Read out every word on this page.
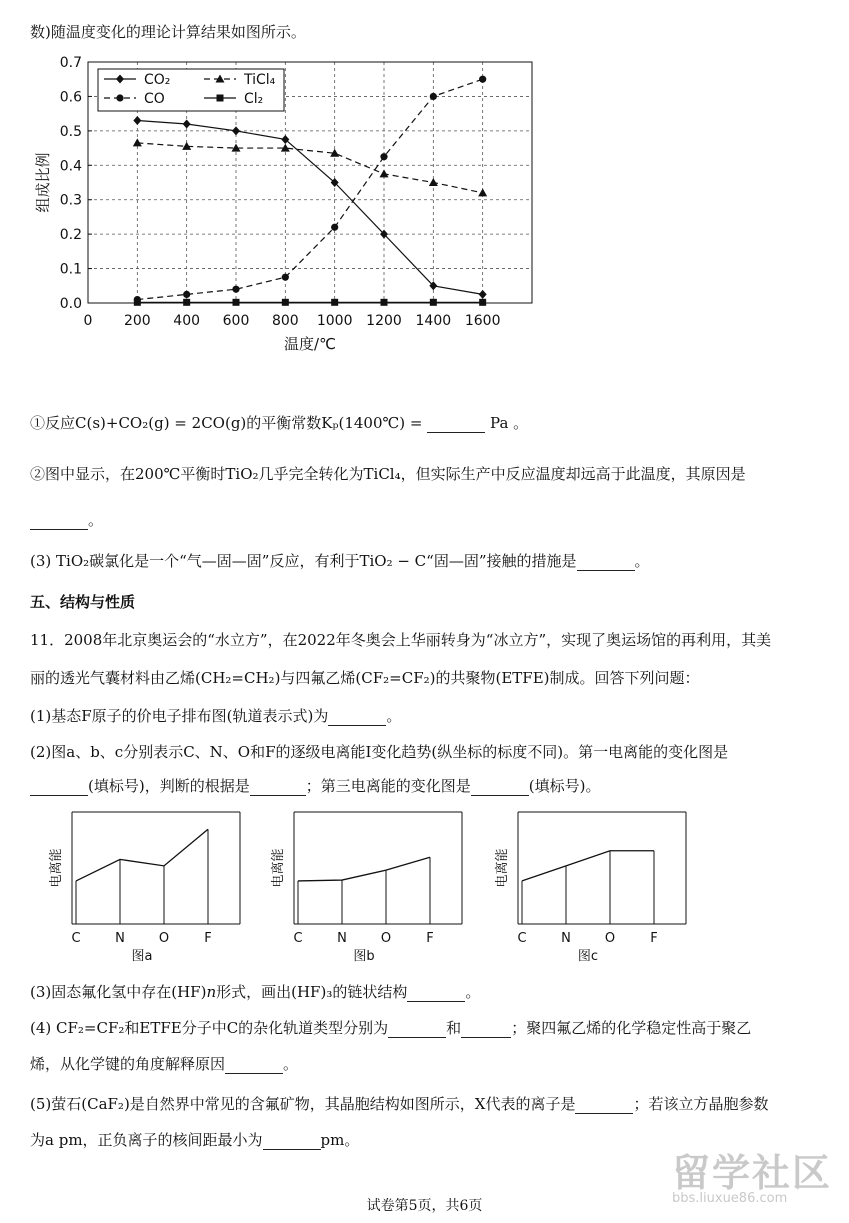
数)随温度变化的理论计算结果如图所示。
0 200 400 600 800 1000 1200 1400 1600
0.0
0.1
0.2
0.3
0.4
0.5
0.6
0.7
组成比例
温度/℃
CO₂	TiCl₄
CO	Cl₂
①反应C(s)+CO₂(g) = 2CO(g)的平衡常数Kₚ(1400℃) =	Pa 。
②图中显示，在200℃平衡时TiO₂几乎完全转化为TiCl₄，但实际生产中反应温度却远高于此温度，其原因是
。
(3) TiO₂碳氯化是一个“气—固—固”反应，有利于TiO₂ − C“固—固”接触的措施是	。
五、结构与性质
11．2008年北京奥运会的“水立方”，在2022年冬奥会上华丽转身为“冰立方”，实现了奥运场馆的再利用，其美
丽的透光气囊材料由乙烯(CH₂=CH₂)与四氟乙烯(CF₂=CF₂)的共聚物(ETFE)制成。回答下列问题：
(1)基态F原子的价电子排布图(轨道表示式)为	。
(2)图a、b、c分别表示C、N、O和F的逐级电离能I变化趋势(纵坐标的标度不同)。第一电离能的变化图是
(填标号)，判断的根据是	；第三电离能的变化图是	(填标号)。
C	N	O	F
电离能
图a
C	N	O	F
电离能
图b
C	N	O	F
电离能
图c
(3)固态氟化氢中存在(HF)n形式，画出(HF)₃的链状结构	。
(4) CF₂=CF₂和ETFE分子中C的杂化轨道类型分别为	和	；聚四氟乙烯的化学稳定性高于聚乙
烯，从化学键的角度解释原因	。
(5)萤石(CaF₂)是自然界中常见的含氟矿物，其晶胞结构如图所示，X代表的离子是	；若该立方晶胞参数
为a pm，正负离子的核间距最小为	pm。
留学社区
bbs.liuxue86.com
试卷第5页，共6页
